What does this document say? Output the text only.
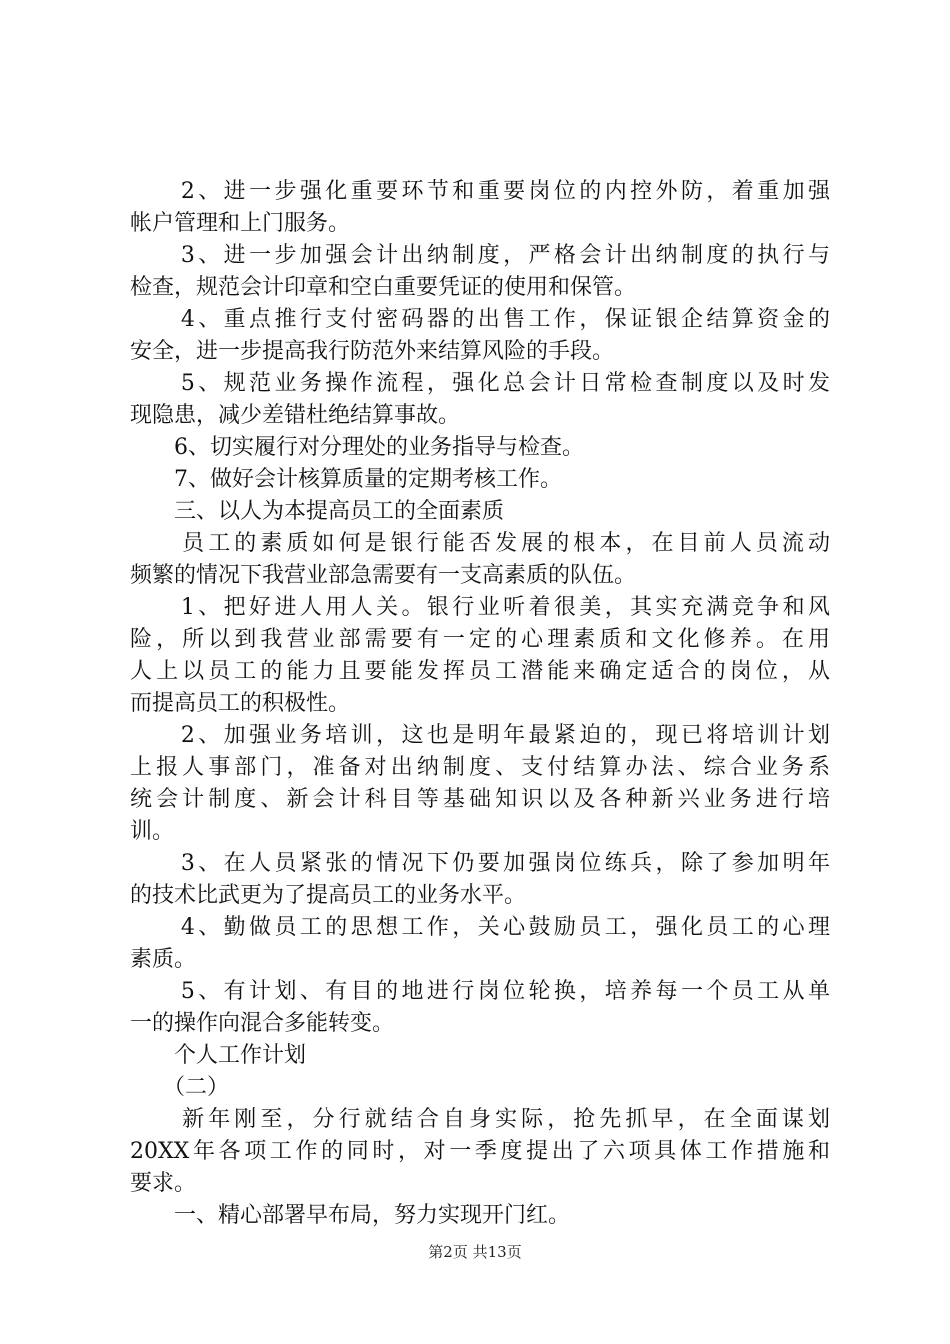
　　2、进一步强化重要环节和重要岗位的内控外防，着重加强
帐户管理和上门服务。
　　3、进一步加强会计出纳制度，严格会计出纳制度的执行与
检查，规范会计印章和空白重要凭证的使用和保管。
　　4、重点推行支付密码器的出售工作，保证银企结算资金的
安全，进一步提高我行防范外来结算风险的手段。
　　5、规范业务操作流程，强化总会计日常检查制度以及时发
现隐患，减少差错杜绝结算事故。
　　6、切实履行对分理处的业务指导与检查。
　　7、做好会计核算质量的定期考核工作。
　　三、以人为本提高员工的全面素质
　　员工的素质如何是银行能否发展的根本，在目前人员流动
频繁的情况下我营业部急需要有一支高素质的队伍。
　　1、把好进人用人关。银行业听着很美，其实充满竞争和风
险，所以到我营业部需要有一定的心理素质和文化修养。在用
人上以员工的能力且要能发挥员工潜能来确定适合的岗位，从
而提高员工的积极性。
　　2、加强业务培训，这也是明年最紧迫的，现已将培训计划
上报人事部门，准备对出纳制度、支付结算办法、综合业务系
统会计制度、新会计科目等基础知识以及各种新兴业务进行培
训。
　　3、在人员紧张的情况下仍要加强岗位练兵，除了参加明年
的技术比武更为了提高员工的业务水平。
　　4、勤做员工的思想工作，关心鼓励员工，强化员工的心理
素质。
　　5、有计划、有目的地进行岗位轮换，培养每一个员工从单
一的操作向混合多能转变。
　　个人工作计划
　　（二）
　　新年刚至，分行就结合自身实际，抢先抓早，在全面谋划
20XX年各项工作的同时，对一季度提出了六项具体工作措施和
要求。
　　一、精心部署早布局，努力实现开门红。
第2页 共13页
